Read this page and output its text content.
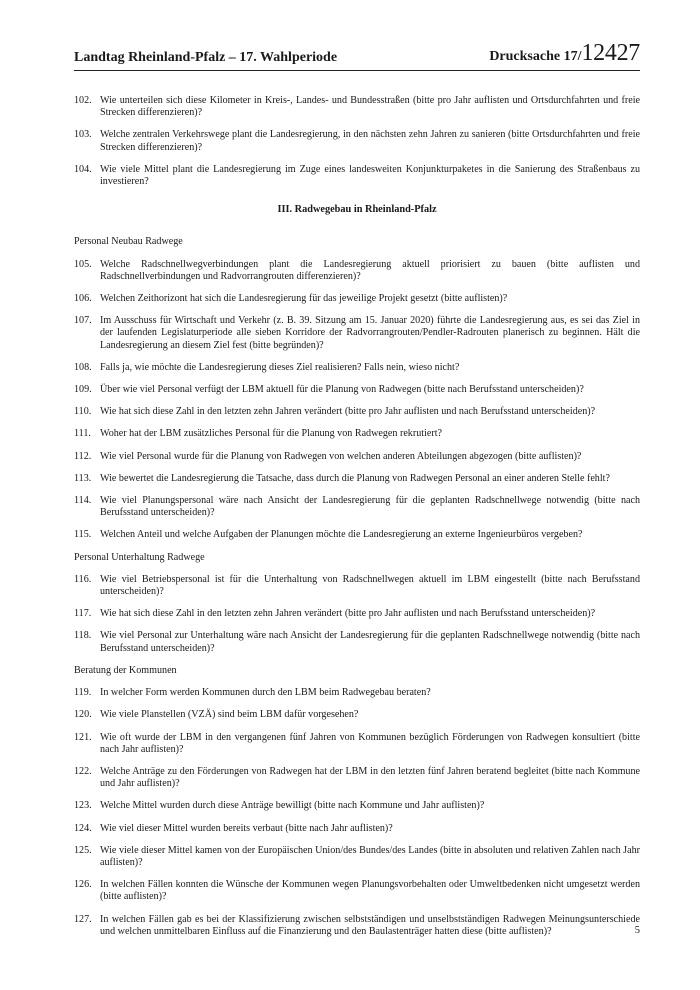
Landtag Rheinland-Pfalz – 17. Wahlperiode	Drucksache 17/12427
102. Wie unterteilen sich diese Kilometer in Kreis-, Landes- und Bundesstraßen (bitte pro Jahr auflisten und Ortsdurchfahrten und freie Strecken differenzieren)?
103. Welche zentralen Verkehrswege plant die Landesregierung, in den nächsten zehn Jahren zu sanieren (bitte Ortsdurchfahrten und freie Strecken differenzieren)?
104. Wie viele Mittel plant die Landesregierung im Zuge eines landesweiten Konjunkturpaketes in die Sanierung des Straßenbaus zu investieren?
III. Radwegebau in Rheinland-Pfalz
Personal Neubau Radwege
105. Welche Radschnellwegverbindungen plant die Landesregierung aktuell priorisiert zu bauen (bitte auflisten und Radschnellverbindungen und Radvorrangrouten differenzieren)?
106. Welchen Zeithorizont hat sich die Landesregierung für das jeweilige Projekt gesetzt (bitte auflisten)?
107. Im Ausschuss für Wirtschaft und Verkehr (z. B. 39. Sitzung am 15. Januar 2020) führte die Landesregierung aus, es sei das Ziel in der laufenden Legislaturperiode alle sieben Korridore der Radvorrangrouten/Pendler-Radrouten planerisch zu beginnen. Hält die Landesregierung an diesem Ziel fest (bitte begründen)?
108. Falls ja, wie möchte die Landesregierung dieses Ziel realisieren? Falls nein, wieso nicht?
109. Über wie viel Personal verfügt der LBM aktuell für die Planung von Radwegen (bitte nach Berufsstand unterscheiden)?
110. Wie hat sich diese Zahl in den letzten zehn Jahren verändert (bitte pro Jahr auflisten und nach Berufsstand unterscheiden)?
111. Woher hat der LBM zusätzliches Personal für die Planung von Radwegen rekrutiert?
112. Wie viel Personal wurde für die Planung von Radwegen von welchen anderen Abteilungen abgezogen (bitte auflisten)?
113. Wie bewertet die Landesregierung die Tatsache, dass durch die Planung von Radwegen Personal an einer anderen Stelle fehlt?
114. Wie viel Planungspersonal wäre nach Ansicht der Landesregierung für die geplanten Radschnellwege notwendig (bitte nach Berufsstand unterscheiden)?
115. Welchen Anteil und welche Aufgaben der Planungen möchte die Landesregierung an externe Ingenieurbüros vergeben?
Personal Unterhaltung Radwege
116. Wie viel Betriebspersonal ist für die Unterhaltung von Radschnellwegen aktuell im LBM eingestellt (bitte nach Berufsstand unterscheiden)?
117. Wie hat sich diese Zahl in den letzten zehn Jahren verändert (bitte pro Jahr auflisten und nach Berufsstand unterscheiden)?
118. Wie viel Personal zur Unterhaltung wäre nach Ansicht der Landesregierung für die geplanten Radschnellwege notwendig (bitte nach Berufsstand unterscheiden)?
Beratung der Kommunen
119. In welcher Form werden Kommunen durch den LBM beim Radwegebau beraten?
120. Wie viele Planstellen (VZÄ) sind beim LBM dafür vorgesehen?
121. Wie oft wurde der LBM in den vergangenen fünf Jahren von Kommunen bezüglich Förderungen von Radwegen konsultiert (bitte nach Jahr auflisten)?
122. Welche Anträge zu den Förderungen von Radwegen hat der LBM in den letzten fünf Jahren beratend begleitet (bitte nach Kommune und Jahr auflisten)?
123. Welche Mittel wurden durch diese Anträge bewilligt (bitte nach Kommune und Jahr auflisten)?
124. Wie viel dieser Mittel wurden bereits verbaut (bitte nach Jahr auflisten)?
125. Wie viele dieser Mittel kamen von der Europäischen Union/des Bundes/des Landes (bitte in absoluten und relativen Zahlen nach Jahr auflisten)?
126. In welchen Fällen konnten die Wünsche der Kommunen wegen Planungsvorbehalten oder Umweltbedenken nicht umgesetzt werden (bitte auflisten)?
127. In welchen Fällen gab es bei der Klassifizierung zwischen selbstständigen und unselbstständigen Radwegen Meinungsunterschiede und welchen unmittelbaren Einfluss auf die Finanzierung und den Baulastenträger hatten diese (bitte auflisten)?	5
